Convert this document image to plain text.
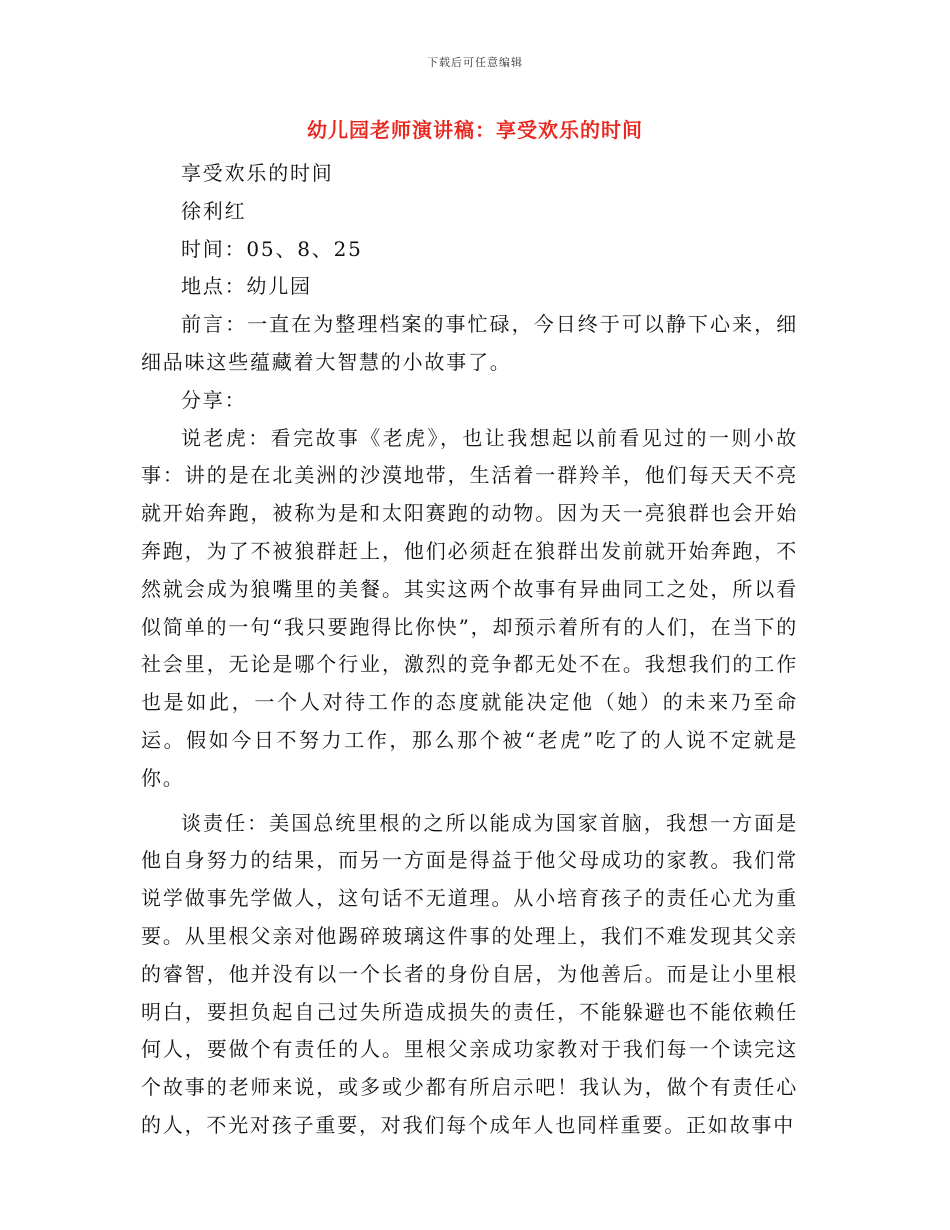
下载后可任意编辑
幼儿园老师演讲稿：享受欢乐的时间

享受欢乐的时间

徐利红

时间：05、8、25

地点：幼儿园

前言：一直在为整理档案的事忙碌，今日终于可以静下心来，细细品味这些蕴藏着大智慧的小故事了。

分享：

说老虎：看完故事《老虎》，也让我想起以前看见过的一则小故事：讲的是在北美洲的沙漠地带，生活着一群羚羊，他们每天天不亮就开始奔跑，被称为是和太阳赛跑的动物。因为天一亮狼群也会开始奔跑，为了不被狼群赶上，他们必须赶在狼群出发前就开始奔跑，不然就会成为狼嘴里的美餐。其实这两个故事有异曲同工之处，所以看似简单的一句“我只要跑得比你快”，却预示着所有的人们，在当下的社会里，无论是哪个行业，激烈的竞争都无处不在。我想我们的工作也是如此，一个人对待工作的态度就能决定他（她）的未来乃至命运。假如今日不努力工作，那么那个被“老虎”吃了的人说不定就是你。

谈责任：美国总统里根的之所以能成为国家首脑，我想一方面是他自身努力的结果，而另一方面是得益于他父母成功的家教。我们常说学做事先学做人，这句话不无道理。从小培育孩子的责任心尤为重要。从里根父亲对他踢碎玻璃这件事的处理上，我们不难发现其父亲的睿智，他并没有以一个长者的身份自居，为他善后。而是让小里根明白，要担负起自己过失所造成损失的责任，不能躲避也不能依赖任何人，要做个有责任的人。里根父亲成功家教对于我们每一个读完这个故事的老师来说，或多或少都有所启示吧！我认为，做个有责任心的人，不光对孩子重要，对我们每个成年人也同样重要。正如故事中
